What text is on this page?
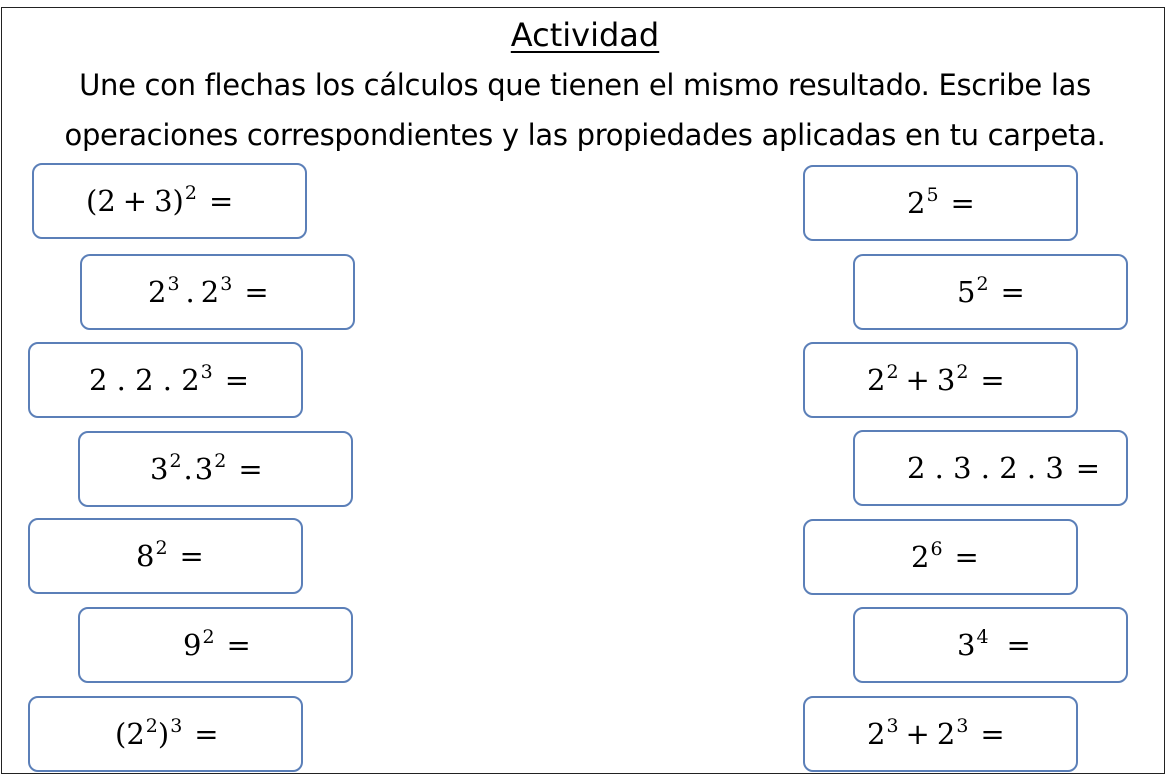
Actividad
Une con flechas los cálculos que tienen el mismo resultado. Escribe las
operaciones correspondientes y las propiedades aplicadas en tu carpeta.
(2 + 3) 2 =
2 3 . 2 3 =
2 . 2 . 2 3 =
3 2 . 3 2 =
8 2 =
9 2 =
(2 2 ) 3 =
2 5 =
5 2 =
2 2 + 3 2 =
2 . 3 . 2 . 3 =
2 6 =
3 4 =
2 3 + 2 3 =
